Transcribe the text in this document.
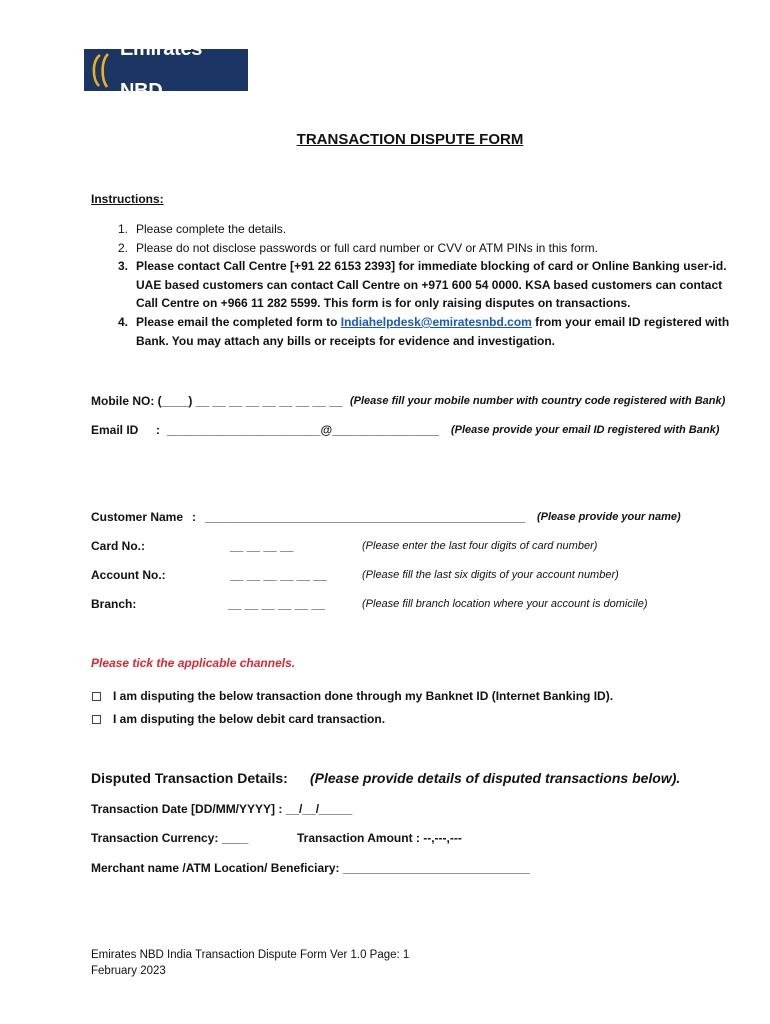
Emirates NBD
TRANSACTION DISPUTE FORM
Instructions:
1. Please complete the details.
2. Please do not disclose passwords or full card number or CVV or ATM PINs in this form.
3. Please contact Call Centre [+91 22 6153 2393] for immediate blocking of card or Online Banking user-id. UAE based customers can contact Call Centre on +971 600 54 0000. KSA based customers can contact Call Centre on +966 11 282 5599. This form is for only raising disputes on transactions.
4. Please email the completed form to Indiahelpdesk@emiratesnbd.com from your email ID registered with Bank. You may attach any bills or receipts for evidence and investigation.
Mobile NO: (____) __ __ __ __ __ __ __ __ __ (Please fill your mobile number with country code registered with Bank)
Email ID : _______________________@________________ (Please provide your email ID registered with Bank)
Customer Name : ________________________________________________ (Please provide your name)
Card No.:	__ __ __ __	(Please enter the last four digits of card number)
Account No.:	__ __ __ __ __ __	(Please fill the last six digits of your account number)
Branch:	__ __ __ __ __ __	(Please fill branch location where your account is domicile)
Please tick the applicable channels.
I am disputing the below transaction done through my Banknet ID (Internet Banking ID).
I am disputing the below debit card transaction.
Disputed Transaction Details: (Please provide details of disputed transactions below).
Transaction Date [DD/MM/YYYY] : __/__/_____
Transaction Currency: ____	Transaction Amount : --,---,---
Merchant name /ATM Location/ Beneficiary: ____________________________
Emirates NBD India Transaction Dispute Form Ver 1.0 Page: 1
February 2023
